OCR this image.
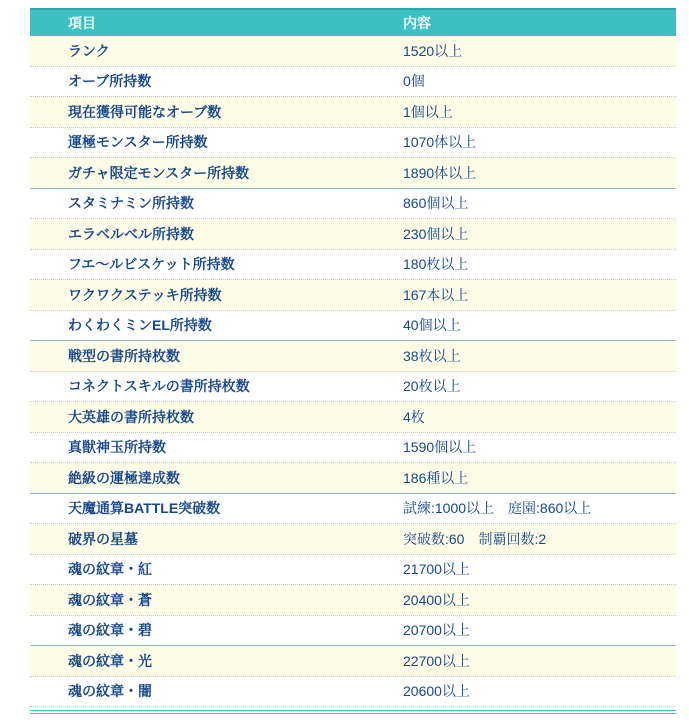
項目	内容
ランク	1520以上
オーブ所持数	0個
現在獲得可能なオーブ数	1個以上
運極モンスター所持数	1070体以上
ガチャ限定モンスター所持数	1890体以上
スタミナミン所持数	860個以上
エラベルベル所持数	230個以上
フエ～ルビスケット所持数	180枚以上
ワクワクステッキ所持数	167本以上
わくわくミンEL所持数	40個以上
戦型の書所持枚数	38枚以上
コネクトスキルの書所持枚数	20枚以上
大英雄の書所持枚数	4枚
真獣神玉所持数	1590個以上
絶級の運極達成数	186種以上
天魔通算BATTLE突破数	試練:1000以上　庭園:860以上
破界の星墓	突破数:60　制覇回数:2
魂の紋章・紅	21700以上
魂の紋章・蒼	20400以上
魂の紋章・碧	20700以上
魂の紋章・光	22700以上
魂の紋章・闇	20600以上
